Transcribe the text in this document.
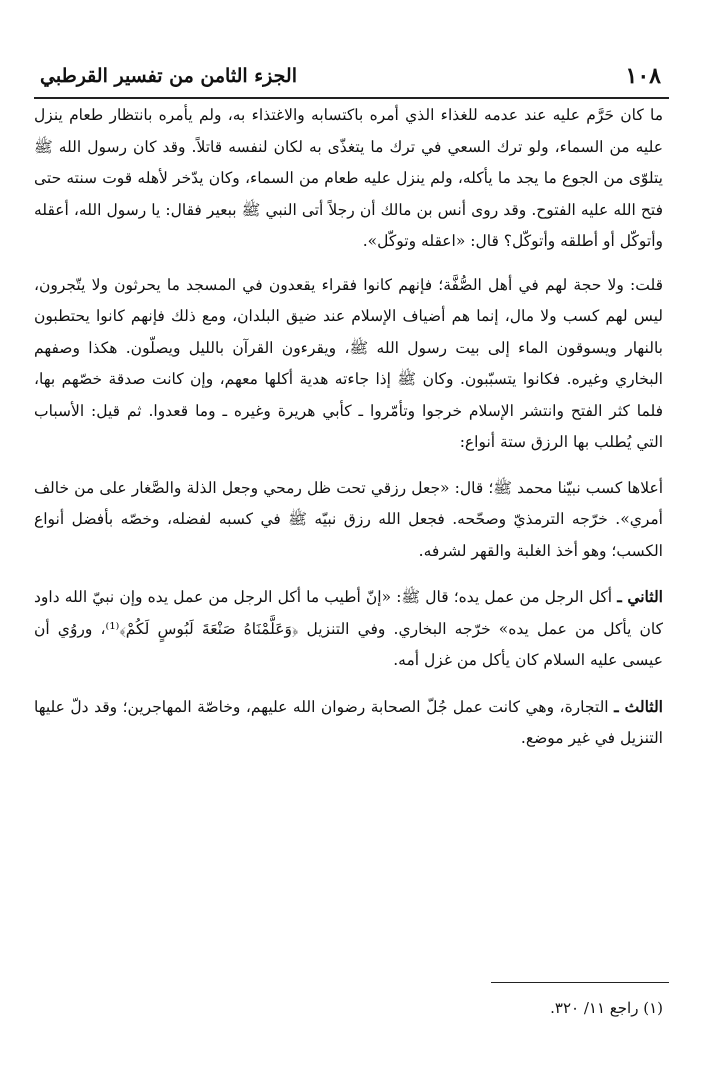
١٠٨
الجزء الثامن من تفسير القرطبي

ما كان حَرَّم عليه عند عدمه للغذاء الذي أمره باكتسابه والاغتذاء به، ولم يأمره بانتظار طعام ينزل عليه من السماء، ولو ترك السعي في ترك ما يتغذّى به لكان لنفسه قاتلاً. وقد كان رسول الله ﷺ يتلوّى من الجوع ما يجد ما يأكله، ولم ينزل عليه طعام من السماء، وكان يدّخر لأهله قوت سنته حتى فتح الله عليه الفتوح. وقد روى أنس بن مالك أن رجلاً أتى النبي ﷺ ببعير فقال: يا رسول الله، أعقله وأتوكّل أو أطلقه وأتوكّل؟ قال: «اعقله وتوكّل».

قلت: ولا حجة لهم في أهل الصُّفَّة؛ فإنهم كانوا فقراء يقعدون في المسجد ما يحرثون ولا يتّجرون، ليس لهم كسب ولا مال، إنما هم أضياف الإسلام عند ضيق البلدان، ومع ذلك فإنهم كانوا يحتطبون بالنهار ويسوقون الماء إلى بيت رسول الله ﷺ، ويقرءون القرآن بالليل ويصلّون. هكذا وصفهم البخاري وغيره. فكانوا يتسبّبون. وكان ﷺ إذا جاءته هدية أكلها معهم، وإن كانت صدقة خصّهم بها، فلما كثر الفتح وانتشر الإسلام خرجوا وتأمّروا ـ كأبي هريرة وغيره ـ وما قعدوا. ثم قيل: الأسباب التي يُطلب بها الرزق ستة أنواع:

أعلاها كسب نبيّنا محمد ﷺ؛ قال: «جعل رزقي تحت ظل رمحي وجعل الذلة والصَّغار على من خالف أمري». خرّجه الترمذيّ وصحّحه. فجعل الله رزق نبيّه ﷺ في كسبه لفضله، وخصّه بأفضل أنواع الكسب؛ وهو أخذ الغلبة والقهر لشرفه.

الثاني ـ أكل الرجل من عمل يده؛ قال ﷺ: «إنّ أطيب ما أكل الرجل من عمل يده وإن نبيّ الله داود كان يأكل من عمل يده» خرّجه البخاري. وفي التنزيل ﴿وَعَلَّمْنَاهُ صَنْعَةَ لَبُوسٍ لَكُمْ﴾⁽¹⁾، وروُي أن عيسى عليه السلام كان يأكل من غزل أمه.

الثالث ـ التجارة، وهي كانت عمل جُلّ الصحابة رضوان الله عليهم، وخاصّة المهاجرين؛ وقد دلّ عليها التنزيل في غير موضع.

(١) راجع ١١/ ٣٢٠.
